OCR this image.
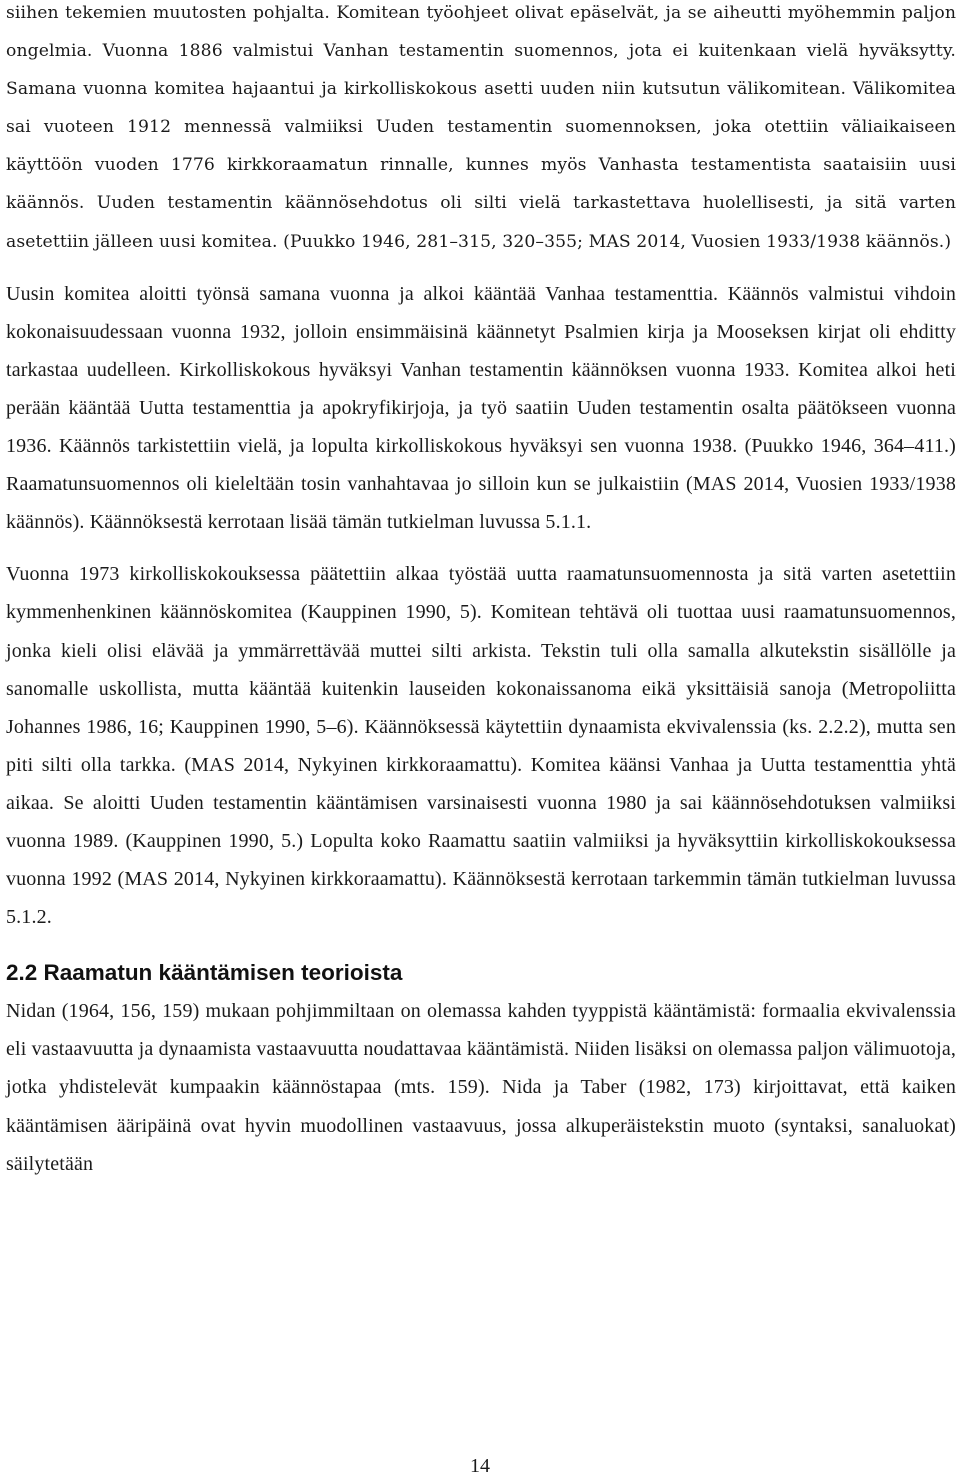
siihen tekemien muutosten pohjalta. Komitean työohjeet olivat epäselvät, ja se aiheutti myöhemmin paljon ongelmia. Vuonna 1886 valmistui Vanhan testamentin suomennos, jota ei kuitenkaan vielä hyväksytty. Samana vuonna komitea hajaantui ja kirkolliskokous asetti uuden niin kutsutun välikomitean. Välikomitea sai vuoteen 1912 mennessä valmiiksi Uuden testamentin suomennoksen, joka otettiin väliaikaiseen käyttöön vuoden 1776 kirkkoraamatun rinnalle, kunnes myös Vanhasta testamentista saataisiin uusi käännös. Uuden testamentin käännösehdotus oli silti vielä tarkastettava huolellisesti, ja sitä varten asetettiin jälleen uusi komitea. (Puukko 1946, 281–315, 320–355; MAS 2014, Vuosien 1933/1938 käännös.)

Uusin komitea aloitti työnsä samana vuonna ja alkoi kääntää Vanhaa testamenttia. Käännös valmistui vihdoin kokonaisuudessaan vuonna 1932, jolloin ensimmäisinä käännetyt Psalmien kirja ja Mooseksen kirjat oli ehditty tarkastaa uudelleen. Kirkolliskokous hyväksyi Vanhan testamentin käännöksen vuonna 1933. Komitea alkoi heti perään kääntää Uutta testamenttia ja apokryfikirjoja, ja työ saatiin Uuden testamentin osalta päätökseen vuonna 1936. Käännös tarkistettiin vielä, ja lopulta kirkolliskokous hyväksyi sen vuonna 1938. (Puukko 1946, 364–411.) Raamatunsuomennos oli kieleltään tosin vanhahtavaa jo silloin kun se julkaistiin (MAS 2014, Vuosien 1933/1938 käännös). Käännöksestä kerrotaan lisää tämän tutkielman luvussa 5.1.1.

Vuonna 1973 kirkolliskokouksessa päätettiin alkaa työstää uutta raamatunsuomennosta ja sitä varten asetettiin kymmenhenkinen käännöskomitea (Kauppinen 1990, 5). Komitean tehtävä oli tuottaa uusi raamatunsuomennos, jonka kieli olisi elävää ja ymmärrettävää muttei silti arkista. Tekstin tuli olla samalla alkutekstin sisällölle ja sanomalle uskollista, mutta kääntää kuitenkin lauseiden kokonaissanoma eikä yksittäisiä sanoja (Metropoliitta Johannes 1986, 16; Kauppinen 1990, 5–6). Käännöksessä käytettiin dynaamista ekvivalenssia (ks. 2.2.2), mutta sen piti silti olla tarkka. (MAS 2014, Nykyinen kirkkoraamattu). Komitea käänsi Vanhaa ja Uutta testamenttia yhtä aikaa. Se aloitti Uuden testamentin kääntämisen varsinaisesti vuonna 1980 ja sai käännösehdotuksen valmiiksi vuonna 1989. (Kauppinen 1990, 5.) Lopulta koko Raamattu saatiin valmiiksi ja hyväksyttiin kirkolliskokouksessa vuonna 1992 (MAS 2014, Nykyinen kirkkoraamattu). Käännöksestä kerrotaan tarkemmin tämän tutkielman luvussa 5.1.2.

2.2 Raamatun kääntämisen teorioista

Nidan (1964, 156, 159) mukaan pohjimmiltaan on olemassa kahden tyyppistä kääntämistä: formaalia ekvivalenssia eli vastaavuutta ja dynaamista vastaavuutta noudattavaa kääntämistä. Niiden lisäksi on olemassa paljon välimuotoja, jotka yhdistelevät kumpaakin käännöstapaa (mts. 159). Nida ja Taber (1982, 173) kirjoittavat, että kaiken kääntämisen ääripäinä ovat hyvin muodollinen vastaavuus, jossa alkuperäistekstin muoto (syntaksi, sanaluokat) säilytetään

14
